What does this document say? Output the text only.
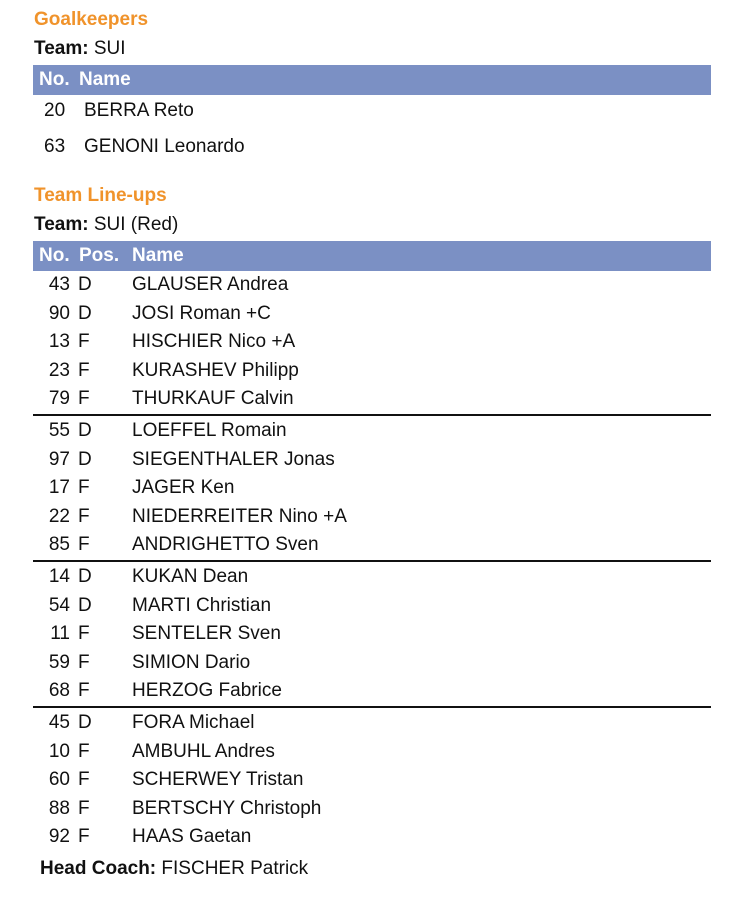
Goalkeepers
Team: SUI
No. Name
20 BERRA Reto
63 GENONI Leonardo
Team Line-ups
Team: SUI (Red)
No. Pos. Name
43 D GLAUSER Andrea
90 D JOSI Roman +C
13 F HISCHIER Nico +A
23 F KURASHEV Philipp
79 F THURKAUF Calvin
55 D LOEFFEL Romain
97 D SIEGENTHALER Jonas
17 F JAGER Ken
22 F NIEDERREITER Nino +A
85 F ANDRIGHETTO Sven
14 D KUKAN Dean
54 D MARTI Christian
11 F SENTELER Sven
59 F SIMION Dario
68 F HERZOG Fabrice
45 D FORA Michael
10 F AMBUHL Andres
60 F SCHERWEY Tristan
88 F BERTSCHY Christoph
92 F HAAS Gaetan
Head Coach: FISCHER Patrick
